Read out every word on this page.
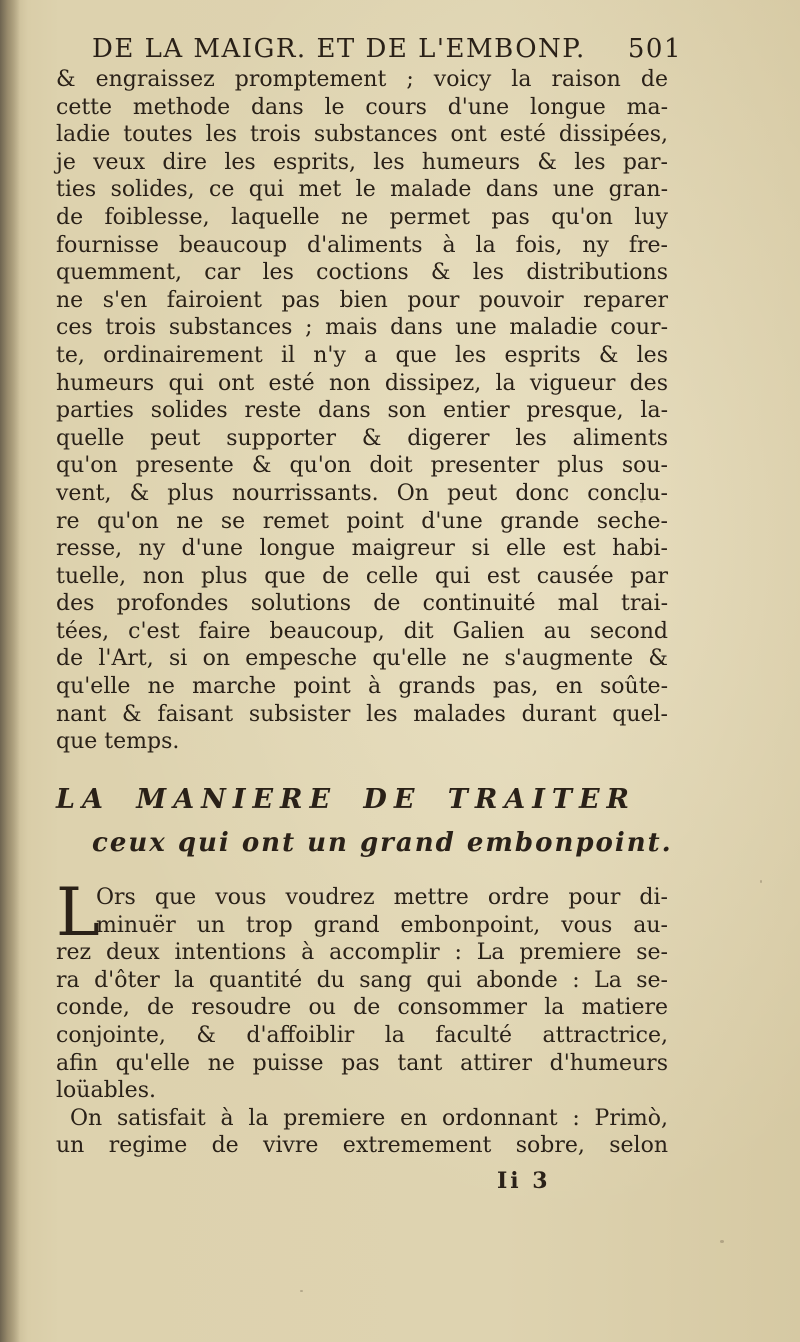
DE LA MAIGR. ET DE L'EMBONP. 501
& engraissez promptement ; voicy la raison de
cette methode dans le cours d'une longue ma-
ladie toutes les trois substances ont esté dissipées,
je veux dire les esprits, les humeurs & les par-
ties solides, ce qui met le malade dans une gran-
de foiblesse, laquelle ne permet pas qu'on luy
fournisse beaucoup d'aliments à la fois, ny fre-
quemment, car les coctions & les distributions
ne s'en fairoient pas bien pour pouvoir reparer
ces trois substances ; mais dans une maladie cour-
te, ordinairement il n'y a que les esprits & les
humeurs qui ont esté non dissipez, la vigueur des
parties solides reste dans son entier presque, la-
quelle peut supporter & digerer les aliments
qu'on presente & qu'on doit presenter plus sou-
vent, & plus nourrissants. On peut donc conclu-
re qu'on ne se remet point d'une grande seche-
resse, ny d'une longue maigreur si elle est habi-
tuelle, non plus que de celle qui est causée par
des profondes solutions de continuité mal trai-
tées, c'est faire beaucoup, dit Galien au second
de l'Art, si on empesche qu'elle ne s'augmente &
qu'elle ne marche point à grands pas, en soûte-
nant & faisant subsister les malades durant quel-
que temps.
LA MANIERE DE TRAITER
ceux qui ont un grand embonpoint.
L
Ors que vous voudrez mettre ordre pour di-
minuër un trop grand embonpoint, vous au-
rez deux intentions à accomplir : La premiere se-
ra d'ôter la quantité du sang qui abonde : La se-
conde, de resoudre ou de consommer la matiere
conjointe, & d'affoiblir la faculté attractrice,
afin qu'elle ne puisse pas tant attirer d'humeurs
loüables.
On satisfait à la premiere en ordonnant : Primò,
un regime de vivre extremement sobre, selon
Ii 3
